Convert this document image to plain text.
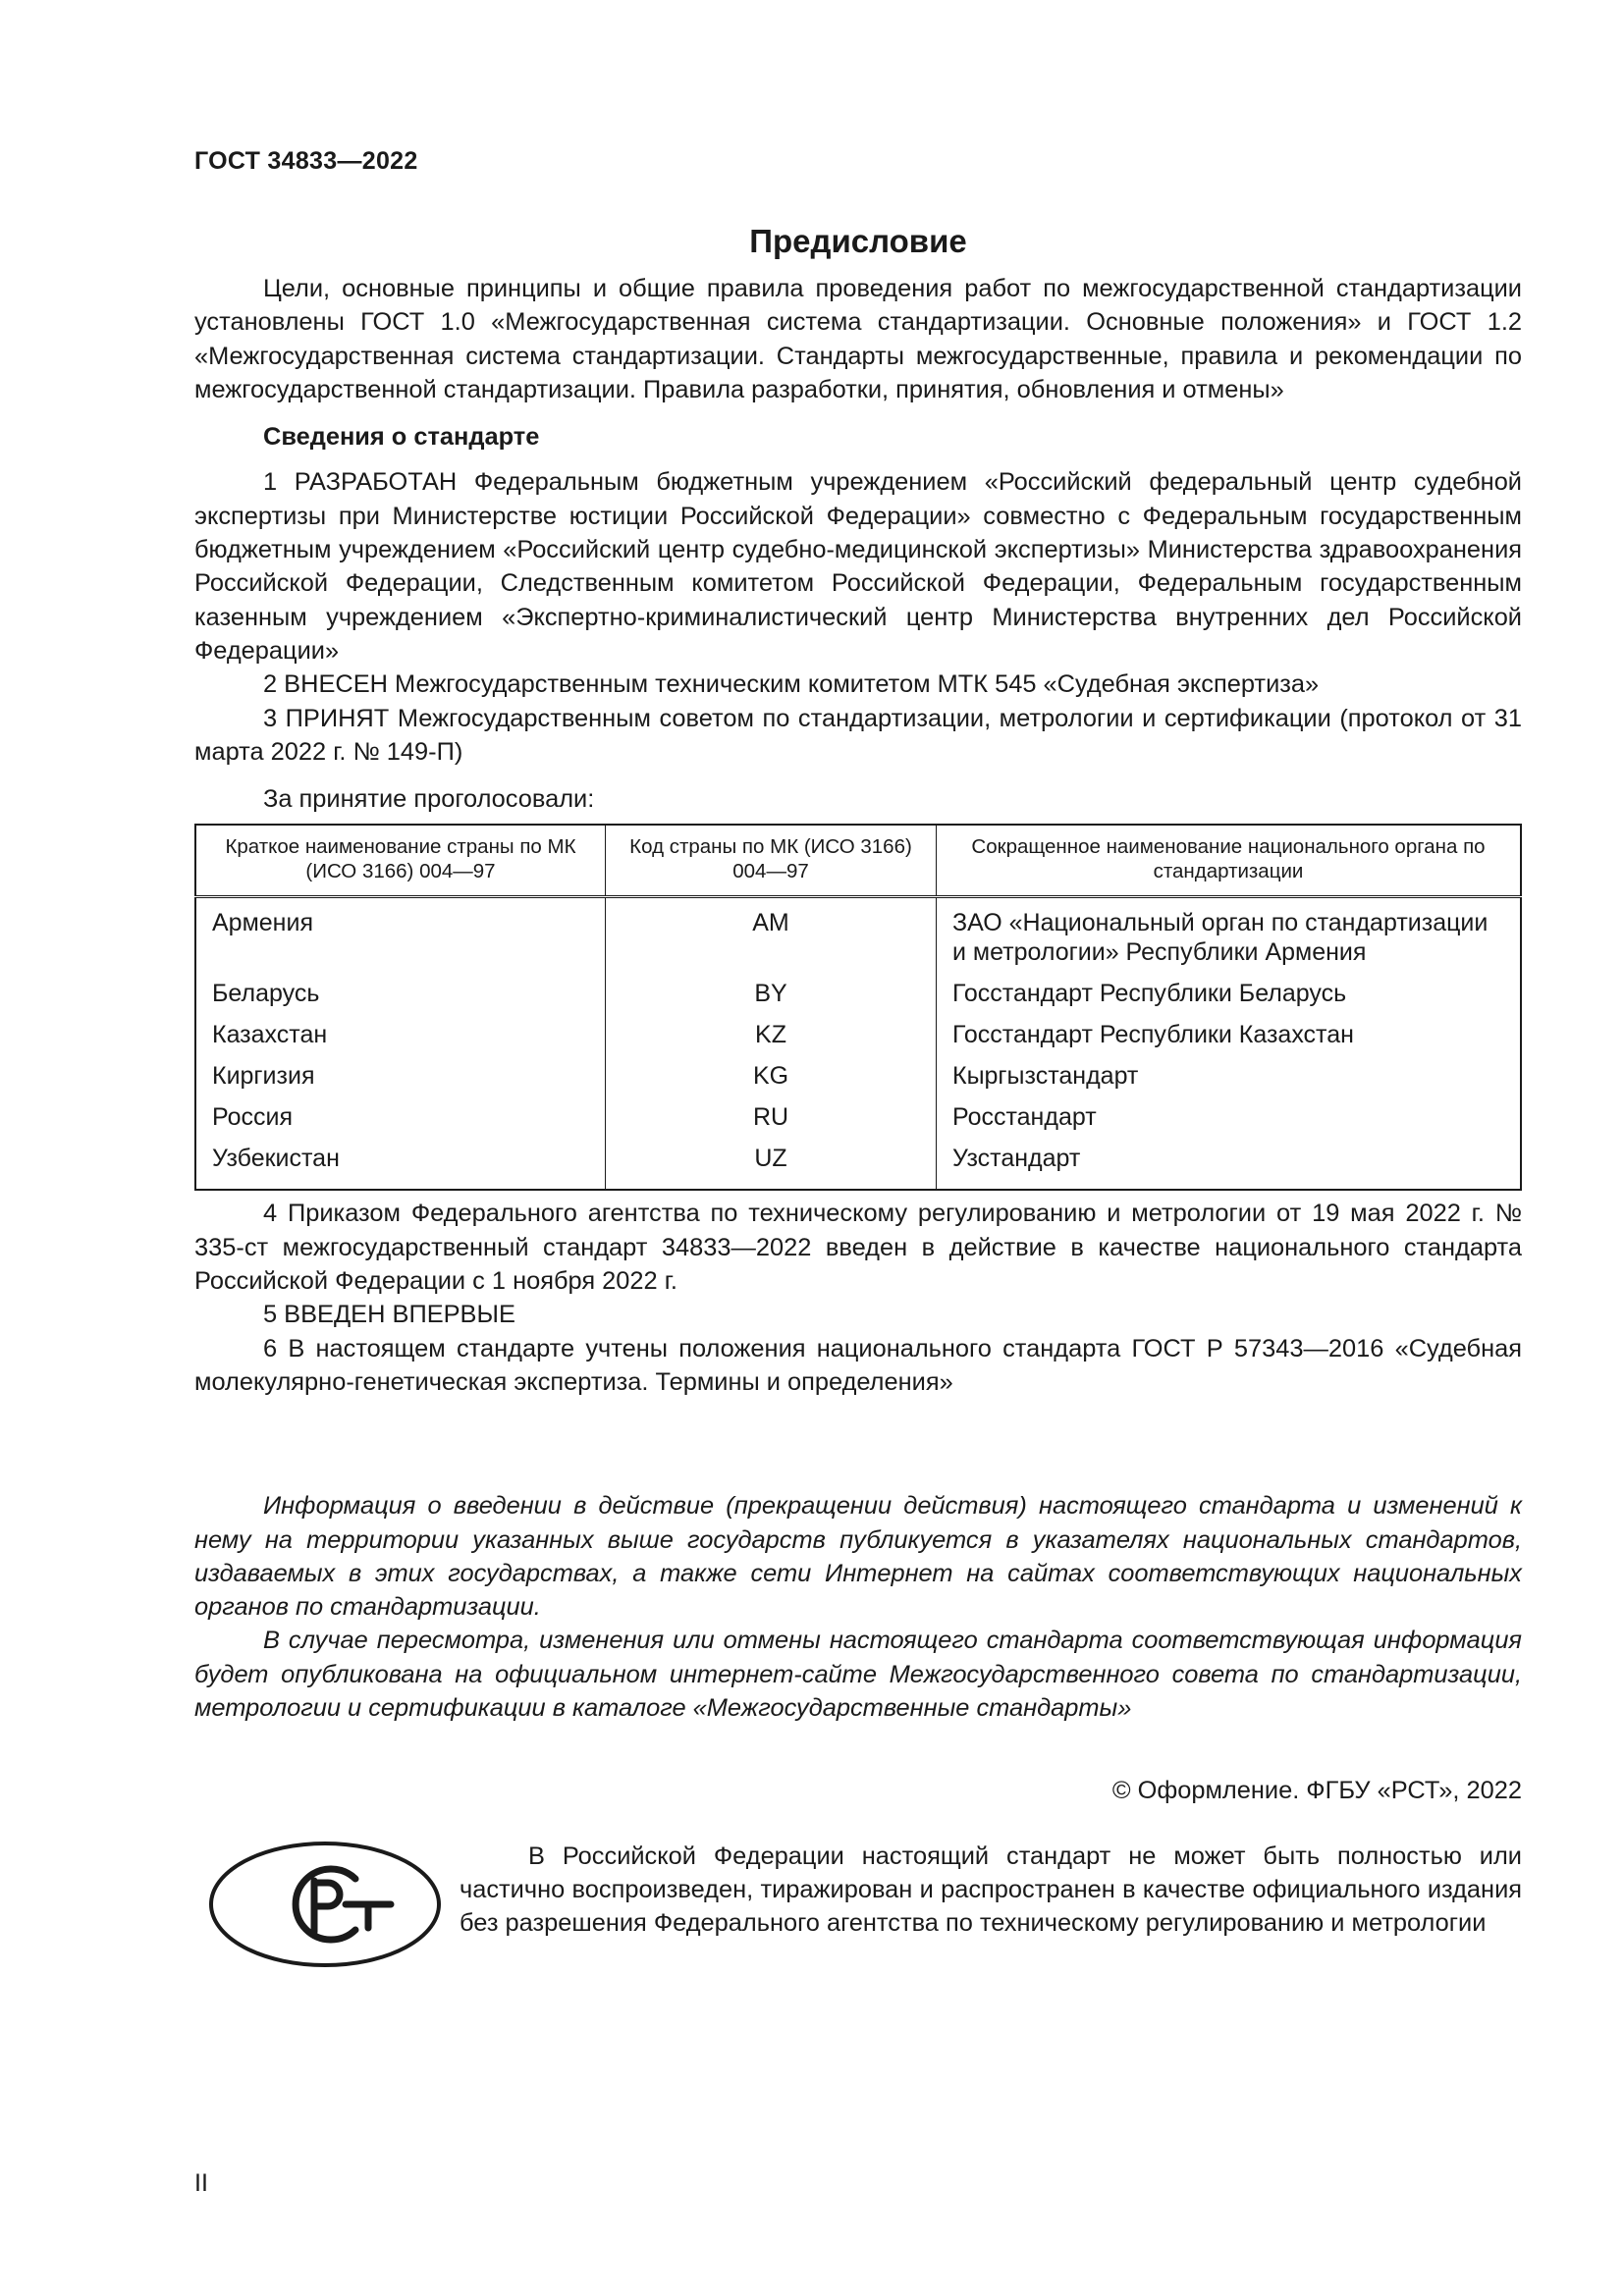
ГОСТ 34833—2022
Предисловие

Цели, основные принципы и общие правила проведения работ по межгосударственной стандартизации установлены ГОСТ 1.0 «Межгосударственная система стандартизации. Основные положения» и ГОСТ 1.2 «Межгосударственная система стандартизации. Стандарты межгосударственные, правила и рекомендации по межгосударственной стандартизации. Правила разработки, принятия, обновления и отмены»

Сведения о стандарте

1 РАЗРАБОТАН Федеральным бюджетным учреждением «Российский федеральный центр судебной экспертизы при Министерстве юстиции Российской Федерации» совместно с Федеральным государственным бюджетным учреждением «Российский центр судебно-медицинской экспертизы» Министерства здравоохранения Российской Федерации, Следственным комитетом Российской Федерации, Федеральным государственным казенным учреждением «Экспертно-криминалистический центр Министерства внутренних дел Российской Федерации»

2 ВНЕСЕН Межгосударственным техническим комитетом МТК 545 «Судебная экспертиза»

3 ПРИНЯТ Межгосударственным советом по стандартизации, метрологии и сертификации (протокол от 31 марта 2022 г. № 149-П)

За принятие проголосовали:
Краткое наименование страны по МК (ИСО 3166) 004—97	Код страны по МК (ИСО 3166) 004—97	Сокращенное наименование национального органа по стандартизации
Армения	AM	ЗАО «Национальный орган по стандартизации и метрологии» Республики Армения
Беларусь	BY	Госстандарт Республики Беларусь
Казахстан	KZ	Госстандарт Республики Казахстан
Киргизия	KG	Кыргызстандарт
Россия	RU	Росстандарт
Узбекистан	UZ	Узстандарт

4 Приказом Федерального агентства по техническому регулированию и метрологии от 19 мая 2022 г. № 335-ст межгосударственный стандарт 34833—2022 введен в действие в качестве национального стандарта Российской Федерации с 1 ноября 2022 г.

5 ВВЕДЕН ВПЕРВЫЕ

6 В настоящем стандарте учтены положения национального стандарта ГОСТ Р 57343—2016 «Судебная молекулярно-генетическая экспертиза. Термины и определения»

Информация о введении в действие (прекращении действия) настоящего стандарта и изменений к нему на территории указанных выше государств публикуется в указателях национальных стандартов, издаваемых в этих государствах, а также сети Интернет на сайтах соответствующих национальных органов по стандартизации.

В случае пересмотра, изменения или отмены настоящего стандарта соответствующая информация будет опубликована на официальном интернет-сайте Межгосударственного совета по стандартизации, метрологии и сертификации в каталоге «Межгосударственные стандарты»

© Оформление. ФГБУ «РСТ», 2022

В Российской Федерации настоящий стандарт не может быть полностью или частично воспроизведен, тиражирован и распространен в качестве официального издания без разрешения Федерального агентства по техническому регулированию и метрологии

II
